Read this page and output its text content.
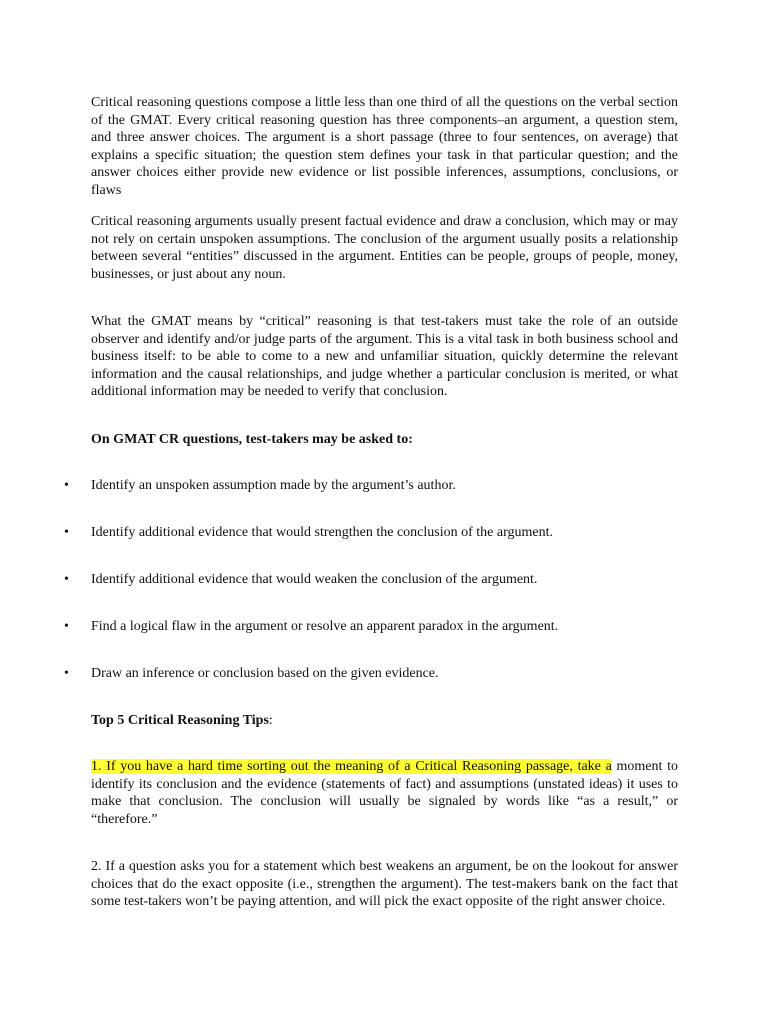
Critical reasoning questions compose a little less than one third of all the questions on the verbal section of the GMAT. Every critical reasoning question has three components–an argument, a question stem, and three answer choices. The argument is a short passage (three to four sentences, on average) that explains a specific situation; the question stem defines your task in that particular question; and the answer choices either provide new evidence or list possible inferences, assumptions, conclusions, or flaws

Critical reasoning arguments usually present factual evidence and draw a conclusion, which may or may not rely on certain unspoken assumptions. The conclusion of the argument usually posits a relationship between several “entities” discussed in the argument. Entities can be people, groups of people, money, businesses, or just about any noun.

What the GMAT means by “critical” reasoning is that test-takers must take the role of an outside observer and identify and/or judge parts of the argument. This is a vital task in both business school and business itself: to be able to come to a new and unfamiliar situation, quickly determine the relevant information and the causal relationships, and judge whether a particular conclusion is merited, or what additional information may be needed to verify that conclusion.

On GMAT CR questions, test-takers may be asked to:

•	Identify an unspoken assumption made by the argument’s author.
•	Identify additional evidence that would strengthen the conclusion of the argument.
•	Identify additional evidence that would weaken the conclusion of the argument.
•	Find a logical flaw in the argument or resolve an apparent paradox in the argument.
•	Draw an inference or conclusion based on the given evidence.

Top 5 Critical Reasoning Tips:

1. If you have a hard time sorting out the meaning of a Critical Reasoning passage, take a moment to identify its conclusion and the evidence (statements of fact) and assumptions (unstated ideas) it uses to make that conclusion. The conclusion will usually be signaled by words like “as a result,” or “therefore.”

2. If a question asks you for a statement which best weakens an argument, be on the lookout for answer choices that do the exact opposite (i.e., strengthen the argument). The test-makers bank on the fact that some test-takers won’t be paying attention, and will pick the exact opposite of the right answer choice.
